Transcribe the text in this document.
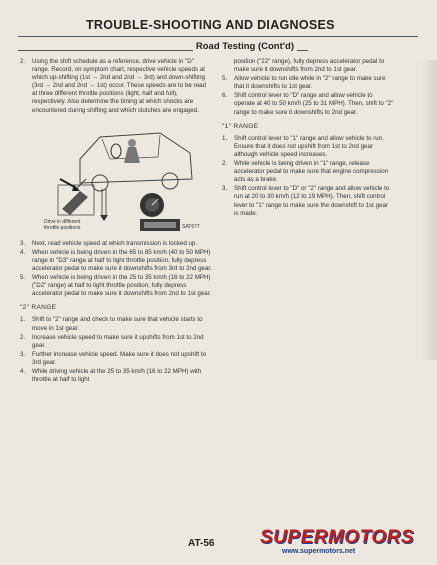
TROUBLE-SHOOTING AND DIAGNOSES
Road Testing (Cont'd)
2. Using the shift schedule as a reference, drive vehicle in "D" range. Record, on symptom chart, respective vehicle speeds at which up-shifting (1st → 2nd and 2nd → 3rd) and down-shifting (3rd → 2nd and 2nd → 1st) occur. These speeds are to be read at three different throttle positions (light, half and full), respectively. Also determine the timing at which shocks are encountered during shifting and which clutches are engaged.
Drive in different throttle positions	SAT677
3. Next, read vehicle speed at which transmission is locked up.
4. When vehicle is being driven in the 65 to 85 km/h (40 to 50 MPH) range in "D3" range at half to light throttle position, fully depress accelerator pedal to make sure it downshifts from 3rd to 2nd gear.
5. When vehicle is being driven in the 25 to 35 km/h (16 to 22 MPH) ("D2" range) at half to light throttle position, fully depress accelerator pedal to make sure it downshifts from 2nd to 1st gear.
"2" RANGE
1. Shift to "2" range and check to make sure that vehicle starts to move in 1st gear.
2. Increase vehicle speed to make sure it upshifts from 1st to 2nd gear.
3. Further increase vehicle speed. Make sure it does not upshift to 3rd gear.
4. While driving vehicle at the 25 to 35 km/h (16 to 22 MPH) with throttle at half to light
position ("22" range), fully depress accelerator pedal to make sure it downshifts from 2nd to 1st gear.
5. Allow vehicle to run idle while in "2" range to make sure that it downshifts to 1st gear.
6. Shift control lever to "D" range and allow vehicle to operate at 40 to 50 km/h (25 to 31 MPH). Then, shift to "2" range to make sure it downshifts to 2nd gear.
"1" RANGE
1. Shift control lever to "1" range and allow vehicle to run. Ensure that it does not upshift from 1st to 2nd gear although vehicle speed increases.
2. While vehicle is being driven in "1" range, release accelerator pedal to make sure that engine compression acts as a brake.
3. Shift control lever to "D" or "2" range and allow vehicle to run at 20 to 30 km/h (12 to 19 MPH). Then, shift control lever to "1" range to make sure the downshift to 1st gear is made.
AT-56 SUPERMOTORS
www.supermotors.net
